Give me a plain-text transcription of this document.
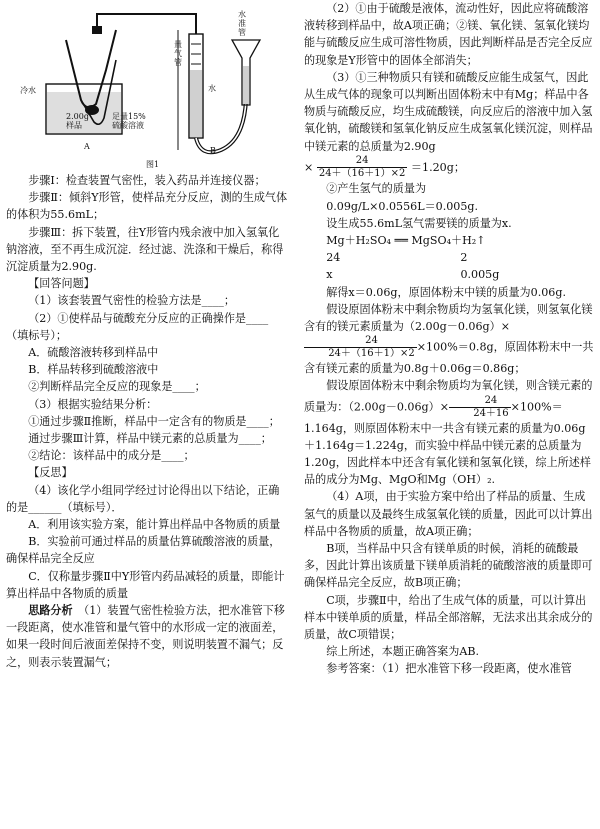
冷水
2.00g
样品
足量15%
硫酸溶液
量
气
管
水
水
准
管
A	B
图1

步骤Ⅰ：检查装置气密性，装入药品并连接仪器；

步骤Ⅱ：倾斜Y形管，使样品充分反应，测的生成气体的体积为55.6mL；

步骤Ⅲ：拆下装置，往Y形管内残余液中加入氢氧化钠溶液，至不再生成沉淀．经过滤、洗涤和干燥后，称得沉淀质量为2.90g.

【回答问题】

（1）该套装置气密性的检验方法是____；

（2）①使样品与硫酸充分反应的正确操作是____（填标号）；

A．硫酸溶液转移到样品中

B．样品转移到硫酸溶液中

②判断样品完全反应的现象是____；

（3）根据实验结果分析：

①通过步骤Ⅱ推断，样品中一定含有的物质是____；

通过步骤Ⅲ计算，样品中镁元素的总质量为____；

②结论：该样品中的成分是____；

【反思】

（4）该化学小组同学经过讨论得出以下结论，正确的是______（填标号）．

A．利用该实验方案，能计算出样品中各物质的质量

B．实验前可通过样品的质量估算硫酸溶液的质量，确保样品完全反应

C．仅称量步骤Ⅱ中Y形管内药品减轻的质量，即能计算出样品中各物质的质量

思路分析　 （1）装置气密性检验方法，把水准管下移一段距离，使水准管和量气管中的水形成一定的液面差，如果一段时间后液面差保持不变，则说明装置不漏气；反之，则表示装置漏气；

（2）①由于硫酸是液体，流动性好，因此应将硫酸溶液转移到样品中，故A项正确；②镁、氧化镁、氢氧化镁均能与硫酸反应生成可溶性物质，因此判断样品是否完全反应的现象是Y形管中的固体全部消失；

（3）①三种物质只有镁和硫酸反应能生成氢气，因此从生成气体的现象可以判断出固体粉末中有Mg；样品中各物质与硫酸反应，均生成硫酸镁，向反应后的溶液中加入氢氧化钠，硫酸镁和氢氧化钠反应生成氢氧化镁沉淀，则样品中镁元素的总质量为2.90g

× $\frac{24}{24+(16+1)\times 2} =1.20g$；

②产生氢气的质量为

0.09g/L×0.0556L＝0.005g.

设生成55.6mL氢气需要镁的质量为x.

Mg＋H₂SO₄ ══ MgSO₄＋H₂↑

24	2

x	0.005g

解得x＝0.06g，原固体粉末中镁的质量为0.06g.

假设原固体粉末中剩余物质均为氢氧化镁，则氢氧化镁含有的镁元素质量为（2.00g－0.06g）×
$\frac{24}{24+(16+1)\times 2} \times 100\%=0.8g$，原固体粉末中一共含有镁元素的质量为0.8g＋0.06g＝0.86g；

假设原固体粉末中剩余物质均为氧化镁，则含镁元素的质量为：$(2.00g-0.06g)\times \frac{24}{24+16} \times 100\%=$

1.164g，则原固体粉末中一共含有镁元素的质量为0.06g＋1.164g＝1.224g，而实验中样品中镁元素的总质量为1.20g，因此样本中还含有氧化镁和氢氧化镁，综上所述样品的成分为Mg、MgO和Mg（OH）₂.

（4）A项，由于实验方案中给出了样品的质量、生成氢气的质量以及最终生成氢氧化镁的质量，因此可以计算出样品中各物质的质量，故A项正确；

B项，当样品中只含有镁单质的时候，消耗的硫酸最多，因此计算出该质量下镁单质消耗的硫酸溶液的质量即可确保样品完全反应，故B项正确；

C项，步骤Ⅱ中，给出了生成气体的质量，可以计算出样本中镁单质的质量，样品全部溶解，无法求出其余成分的质量，故C项错误；

综上所述，本题正确答案为AB.

参考答案：（1）把水准管下移一段距离，使水准管
